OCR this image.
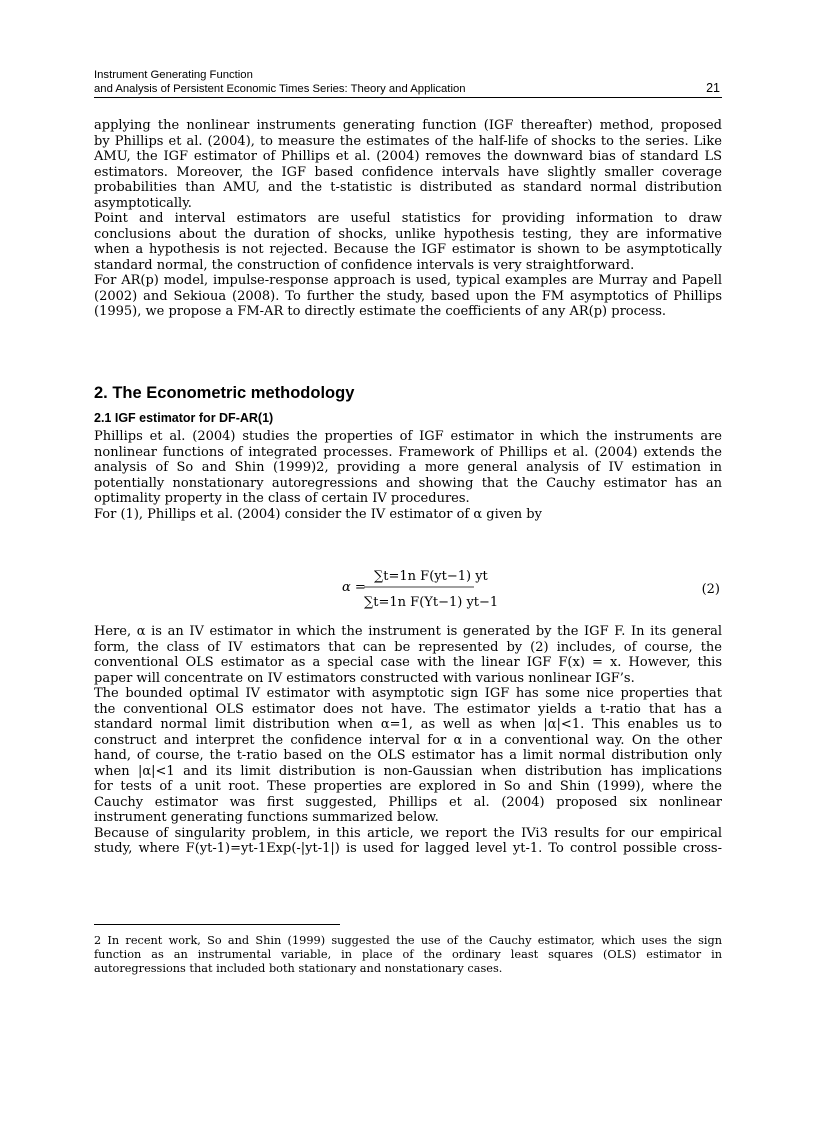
Instrument Generating Function
and Analysis of Persistent Economic Times Series: Theory and Application	21

applying the nonlinear instruments generating function (IGF thereafter) method, proposed
by Phillips et al. (2004), to measure the estimates of the half-life of shocks to the series. Like
AMU, the IGF estimator of Phillips et al. (2004) removes the downward bias of standard LS
estimators. Moreover, the IGF based confidence intervals have slightly smaller coverage
probabilities than AMU, and the t-statistic is distributed as standard normal distribution
asymptotically.

Point and interval estimators are useful statistics for providing information to draw
conclusions about the duration of shocks, unlike hypothesis testing, they are informative
when a hypothesis is not rejected. Because the IGF estimator is shown to be asymptotically
standard normal, the construction of confidence intervals is very straightforward.

For AR(p) model, impulse-response approach is used, typical examples are Murray and Papell
(2002) and Sekioua (2008). To further the study, based upon the FM asymptotics of Phillips
(1995), we propose a FM-AR to directly estimate the coefficients of any AR(p) process.

2. The Econometric methodology
2.1 IGF estimator for DF-AR(1)

Phillips et al. (2004) studies the properties of IGF estimator in which the instruments are
nonlinear functions of integrated processes. Framework of Phillips et al. (2004) extends the
analysis of So and Shin (1999)2, providing a more general analysis of IV estimation in
potentially nonstationary autoregressions and showing that the Cauchy estimator has an
optimality property in the class of certain IV procedures.

For (1), Phillips et al. (2004) consider the IV estimator of α given by

α =
∑t=1n F(yt−1) yt
∑t=1n F(Yt−1) yt−1
(2)

Here, α is an IV estimator in which the instrument is generated by the IGF F. In its general
form, the class of IV estimators that can be represented by (2) includes, of course, the
conventional OLS estimator as a special case with the linear IGF F(x) = x. However, this
paper will concentrate on IV estimators constructed with various nonlinear IGF’s.

The bounded optimal IV estimator with asymptotic sign IGF has some nice properties that
the conventional OLS estimator does not have. The estimator yields a t-ratio that has a
standard normal limit distribution when α=1, as well as when |α|<1. This enables us to
construct and interpret the confidence interval for α in a conventional way. On the other
hand, of course, the t-ratio based on the OLS estimator has a limit normal distribution only
when |α|<1 and its limit distribution is non-Gaussian when distribution has implications
for tests of a unit root. These properties are explored in So and Shin (1999), where the
Cauchy estimator was first suggested, Phillips et al. (2004) proposed six nonlinear
instrument generating functions summarized below.

Because of singularity problem, in this article, we report the IVi3 results for our empirical
study, where F(yt-1)=yt-1Exp(-|yt-1|) is used for lagged level yt-1. To control possible cross-

2 In recent work, So and Shin (1999) suggested the use of the Cauchy estimator, which uses the sign
function as an instrumental variable, in place of the ordinary least squares (OLS) estimator in
autoregressions that included both stationary and nonstationary cases.
